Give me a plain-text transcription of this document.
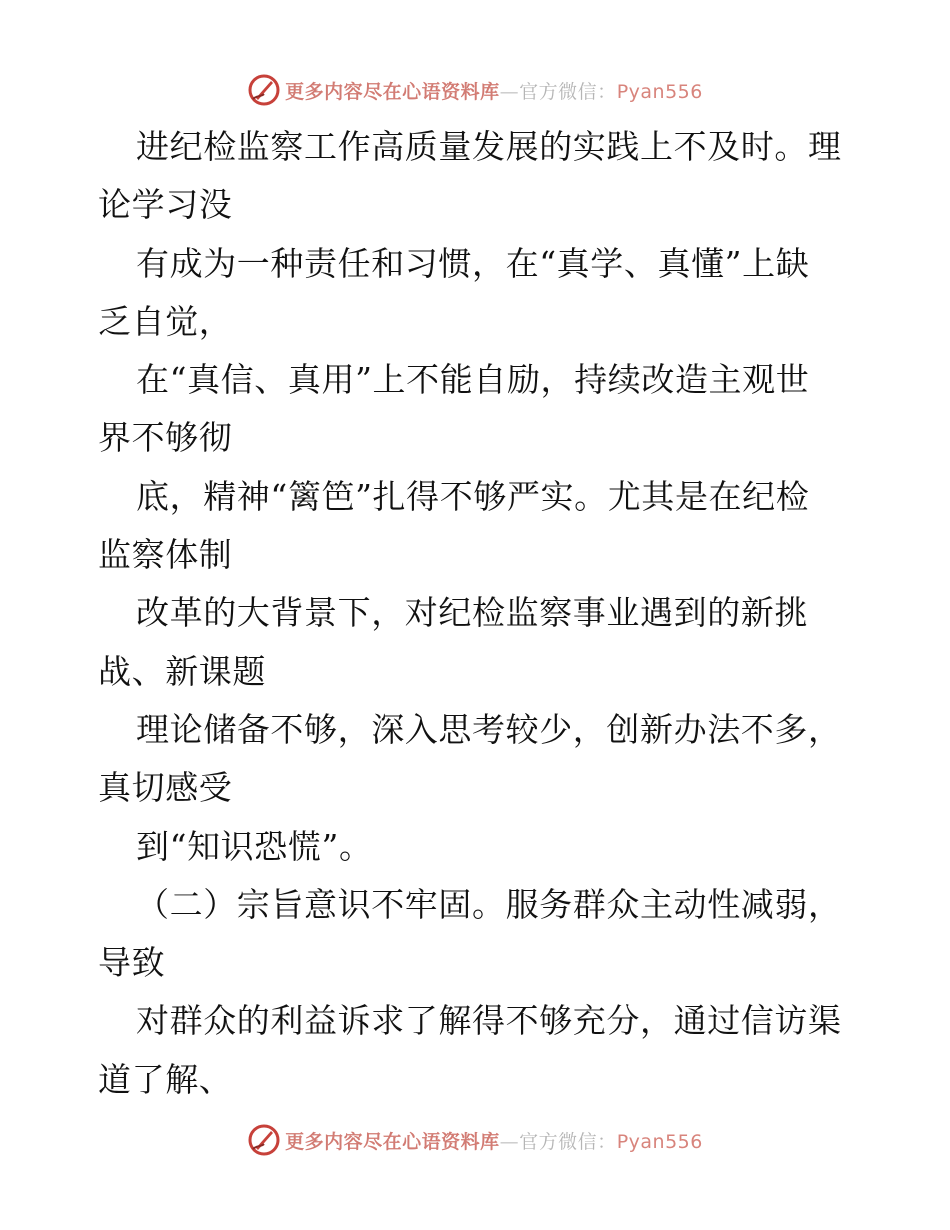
更多内容尽在心语资料库—官方微信：Pyan556
进纪检监察工作高质量发展的实践上不及时。理
论学习没
有成为一种责任和习惯，在“真学、真懂”上缺
乏自觉，
在“真信、真用”上不能自励，持续改造主观世
界不够彻
底，精神“篱笆”扎得不够严实。尤其是在纪检
监察体制
改革的大背景下，对纪检监察事业遇到的新挑
战、新课题
理论储备不够，深入思考较少，创新办法不多，
真切感受
到“知识恐慌”。
（二）宗旨意识不牢固。服务群众主动性减弱，
导致
对群众的利益诉求了解得不够充分，通过信访渠
道了解、
更多内容尽在心语资料库—官方微信：Pyan556
